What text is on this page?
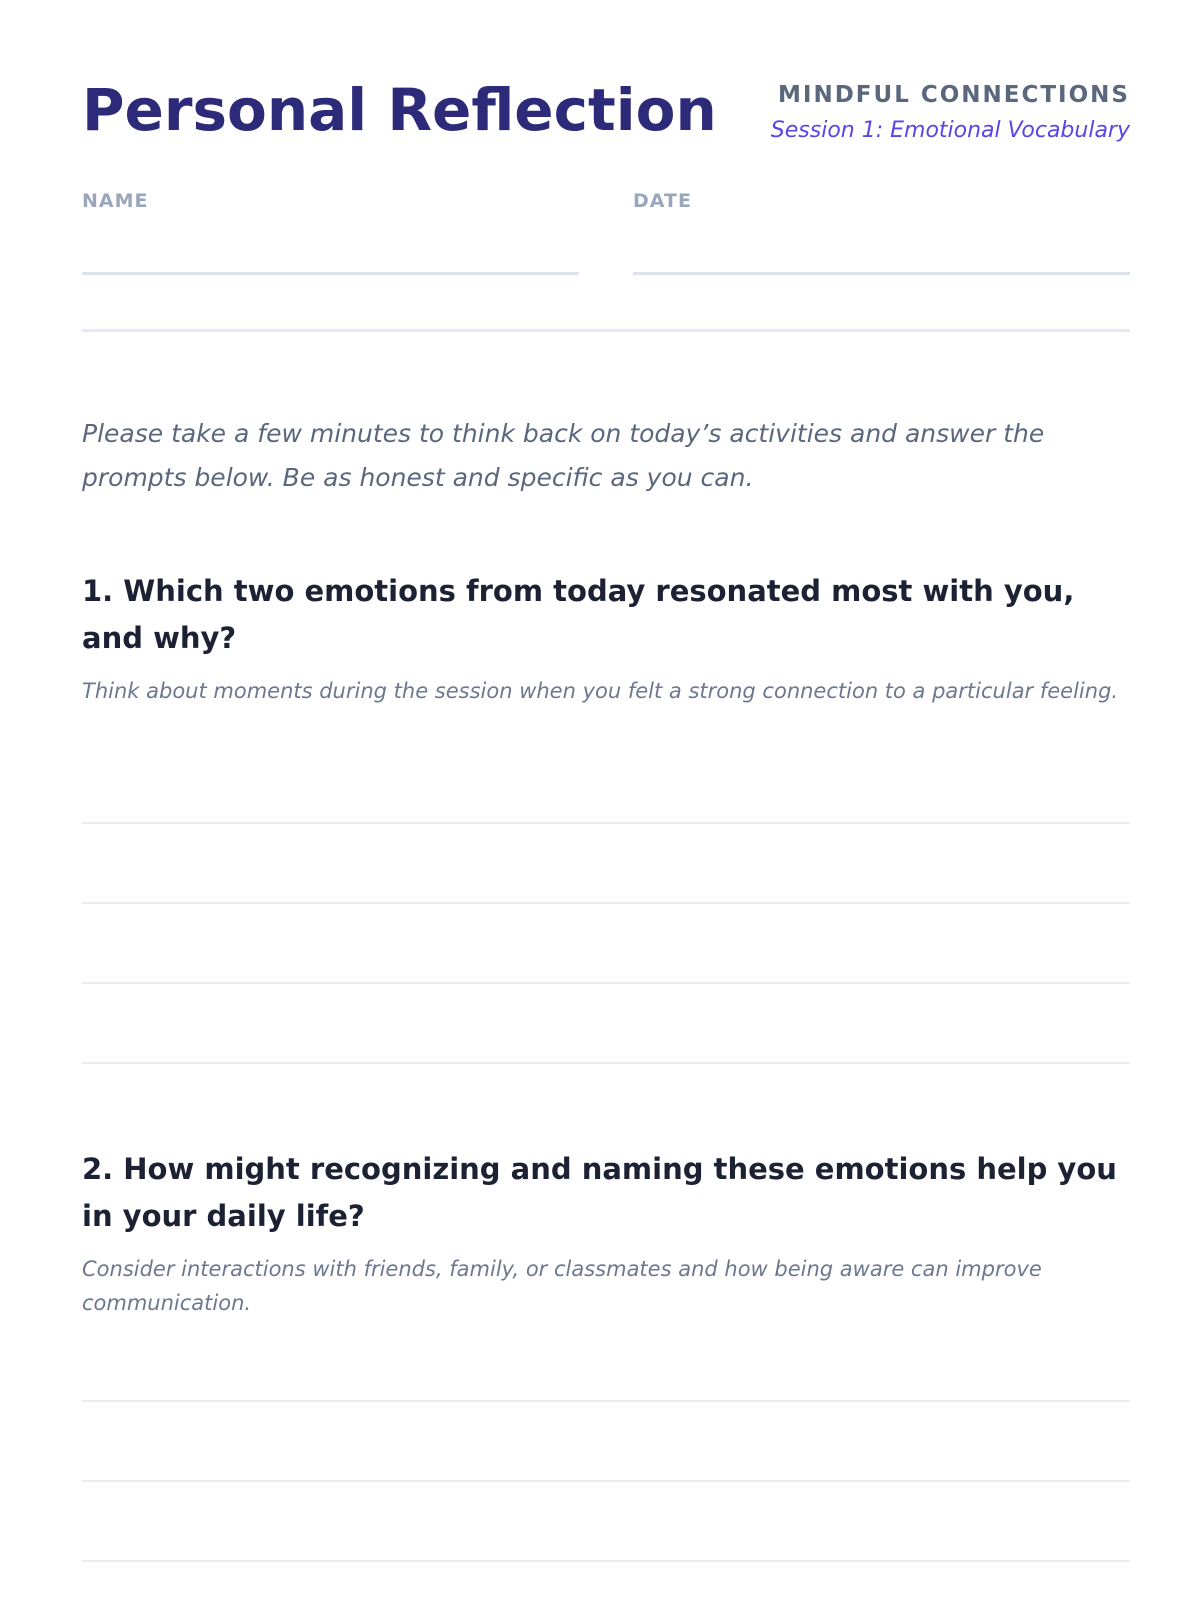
Personal Reflection	MINDFUL CONNECTIONS
Session 1: Emotional Vocabulary
NAME	DATE

Please take a few minutes to think back on today’s activities and answer the prompts below. Be as honest and specific as you can.

1. Which two emotions from today resonated most with you, and why?

Think about moments during the session when you felt a strong connection to a particular feeling.

2. How might recognizing and naming these emotions help you in your daily life?

Consider interactions with friends, family, or classmates and how being aware can improve communication.
